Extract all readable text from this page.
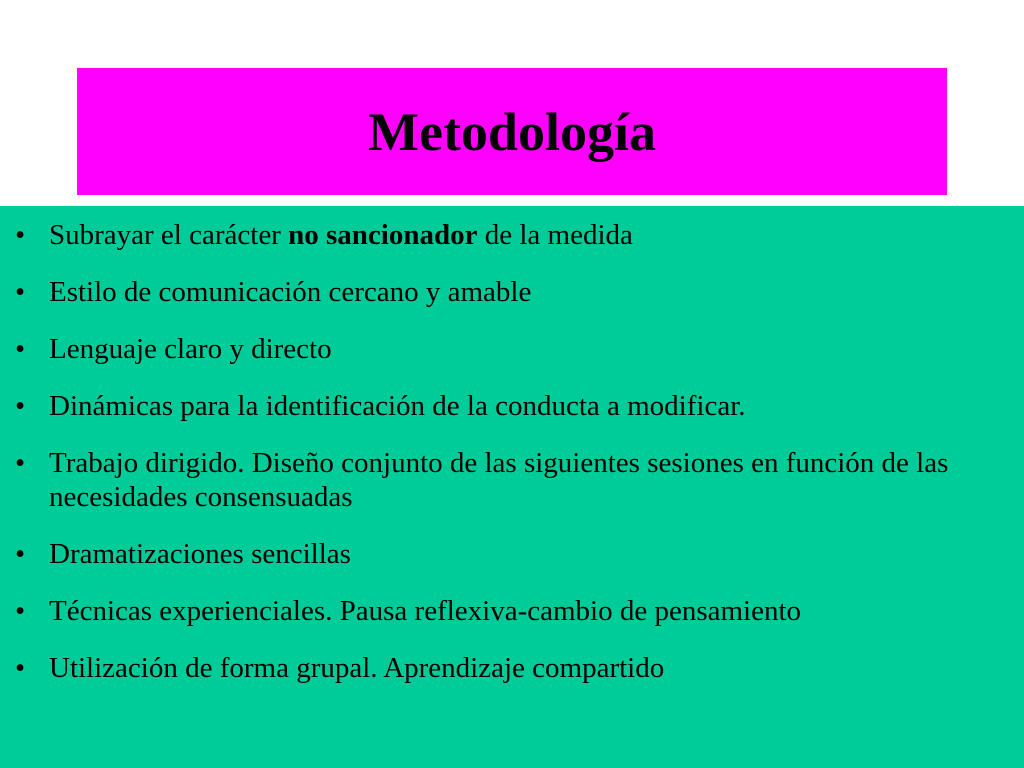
Metodología
• Subrayar el carácter no sancionador de la medida
• Estilo de comunicación cercano y amable
• Lenguaje claro y directo
• Dinámicas para la identificación de la conducta a modificar.
• Trabajo dirigido. Diseño conjunto de las siguientes sesiones en función de las necesidades consensuadas
• Dramatizaciones sencillas
• Técnicas experienciales. Pausa reflexiva-cambio de pensamiento
• Utilización de forma grupal. Aprendizaje compartido
